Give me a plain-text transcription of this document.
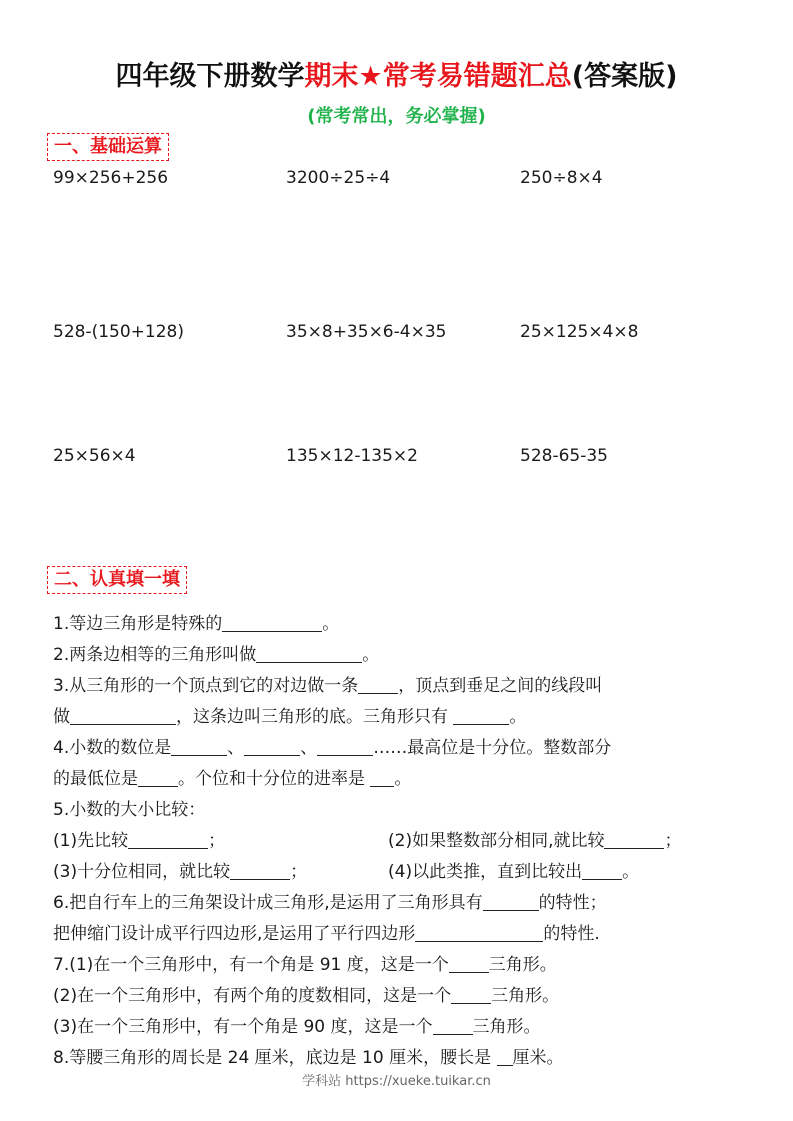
四年级下册数学期末★常考易错题汇总(答案版)
(常考常出，务必掌握)
一、基础运算
99×256+256	3200÷25÷4	250÷8×4
528-(150+128)	35×8+35×6-4×35	25×125×4×8
25×56×4	135×12-135×2	528-65-35
二、认真填一填
1.等边三角形是特殊的	。
2.两条边相等的三角形叫做	。
3.从三角形的一个顶点到它的对边做一条 ，顶点到垂足之间的线段叫
做	，这条边叫三角形的底。三角形只有	。
4.小数的数位是	、	、	……最高位是十分位。整数部分
的最低位是 。个位和十分位的进率是 。
5.小数的大小比较：
(1)先比较	；	(2)如果整数部分相同,就比较	；
(3)十分位相同，就比较	；	(4)以此类推，直到比较出 。
6.把自行车上的三角架设计成三角形,是运用了三角形具有	的特性；
把伸缩门设计成平行四边形,是运用了平行四边形	的特性.
7.(1)在一个三角形中，有一个角是 91 度，这是一个 三角形。
(2)在一个三角形中，有两个角的度数相同，这是一个 三角形。
(3)在一个三角形中，有一个角是 90 度，这是一个 三角形。
8.等腰三角形的周长是 24 厘米，底边是 10 厘米，腰长是 厘米。
学科站 https://xueke.tuikar.cn
